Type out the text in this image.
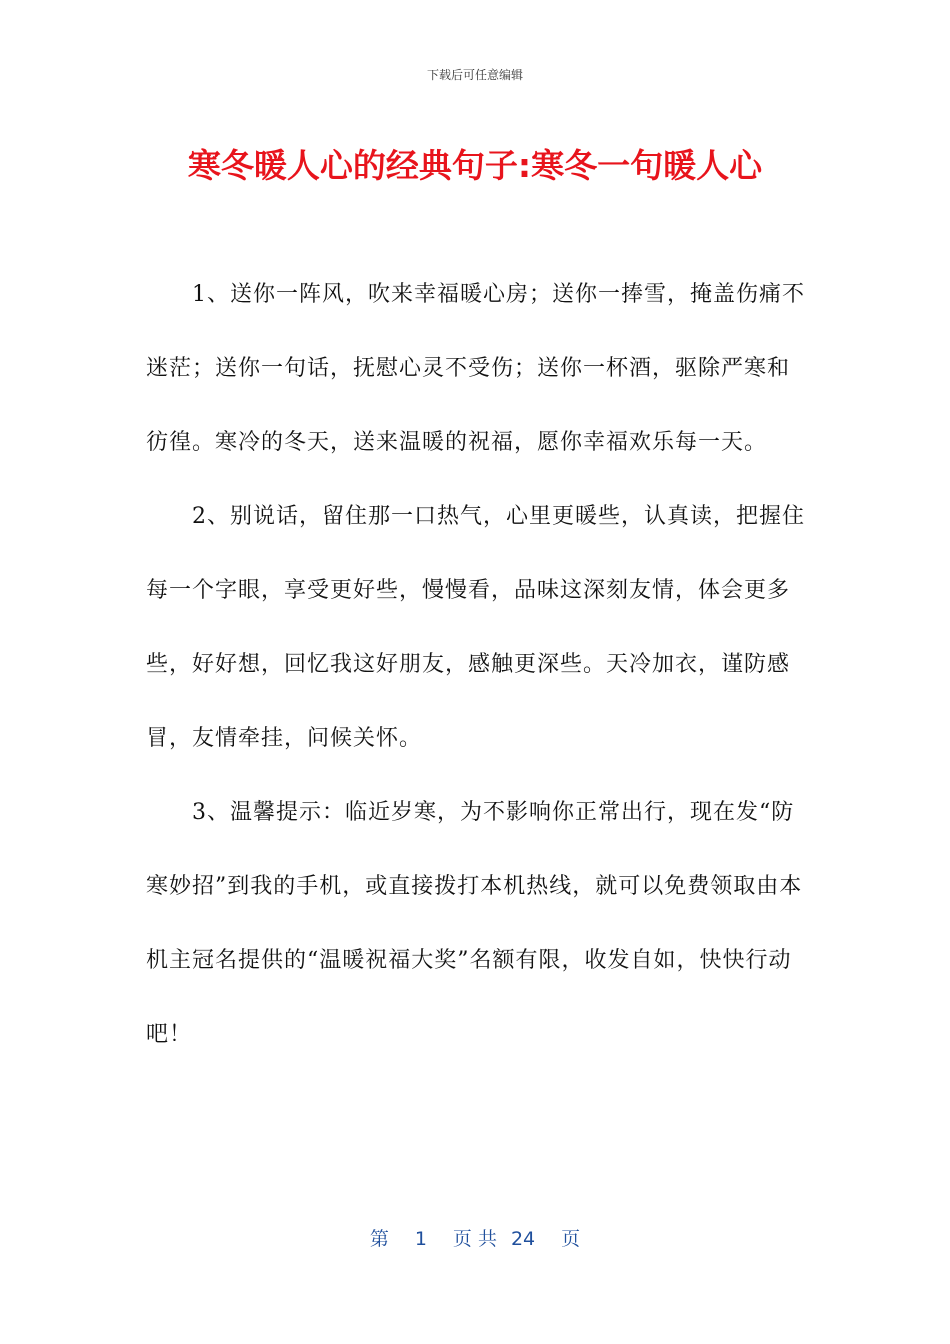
下载后可任意编辑
寒冬暖人心的经典句子:寒冬一句暖人心

1、送你一阵风，吹来幸福暖心房；送你一捧雪，掩盖伤痛不迷茫；送你一句话，抚慰心灵不受伤；送你一杯酒，驱除严寒和彷徨。寒冷的冬天，送来温暖的祝福，愿你幸福欢乐每一天。

2、别说话，留住那一口热气，心里更暖些，认真读，把握住每一个字眼，享受更好些，慢慢看，品味这深刻友情，体会更多些，好好想，回忆我这好朋友，感触更深些。天冷加衣，谨防感冒，友情牵挂，问候关怀。

3、温馨提示：临近岁寒，为不影响你正常出行，现在发“防寒妙招”到我的手机，或直接拨打本机热线，就可以免费领取由本机主冠名提供的“温暖祝福大奖”名额有限，收发自如，快快行动吧！

第 1 页 共 24 页
